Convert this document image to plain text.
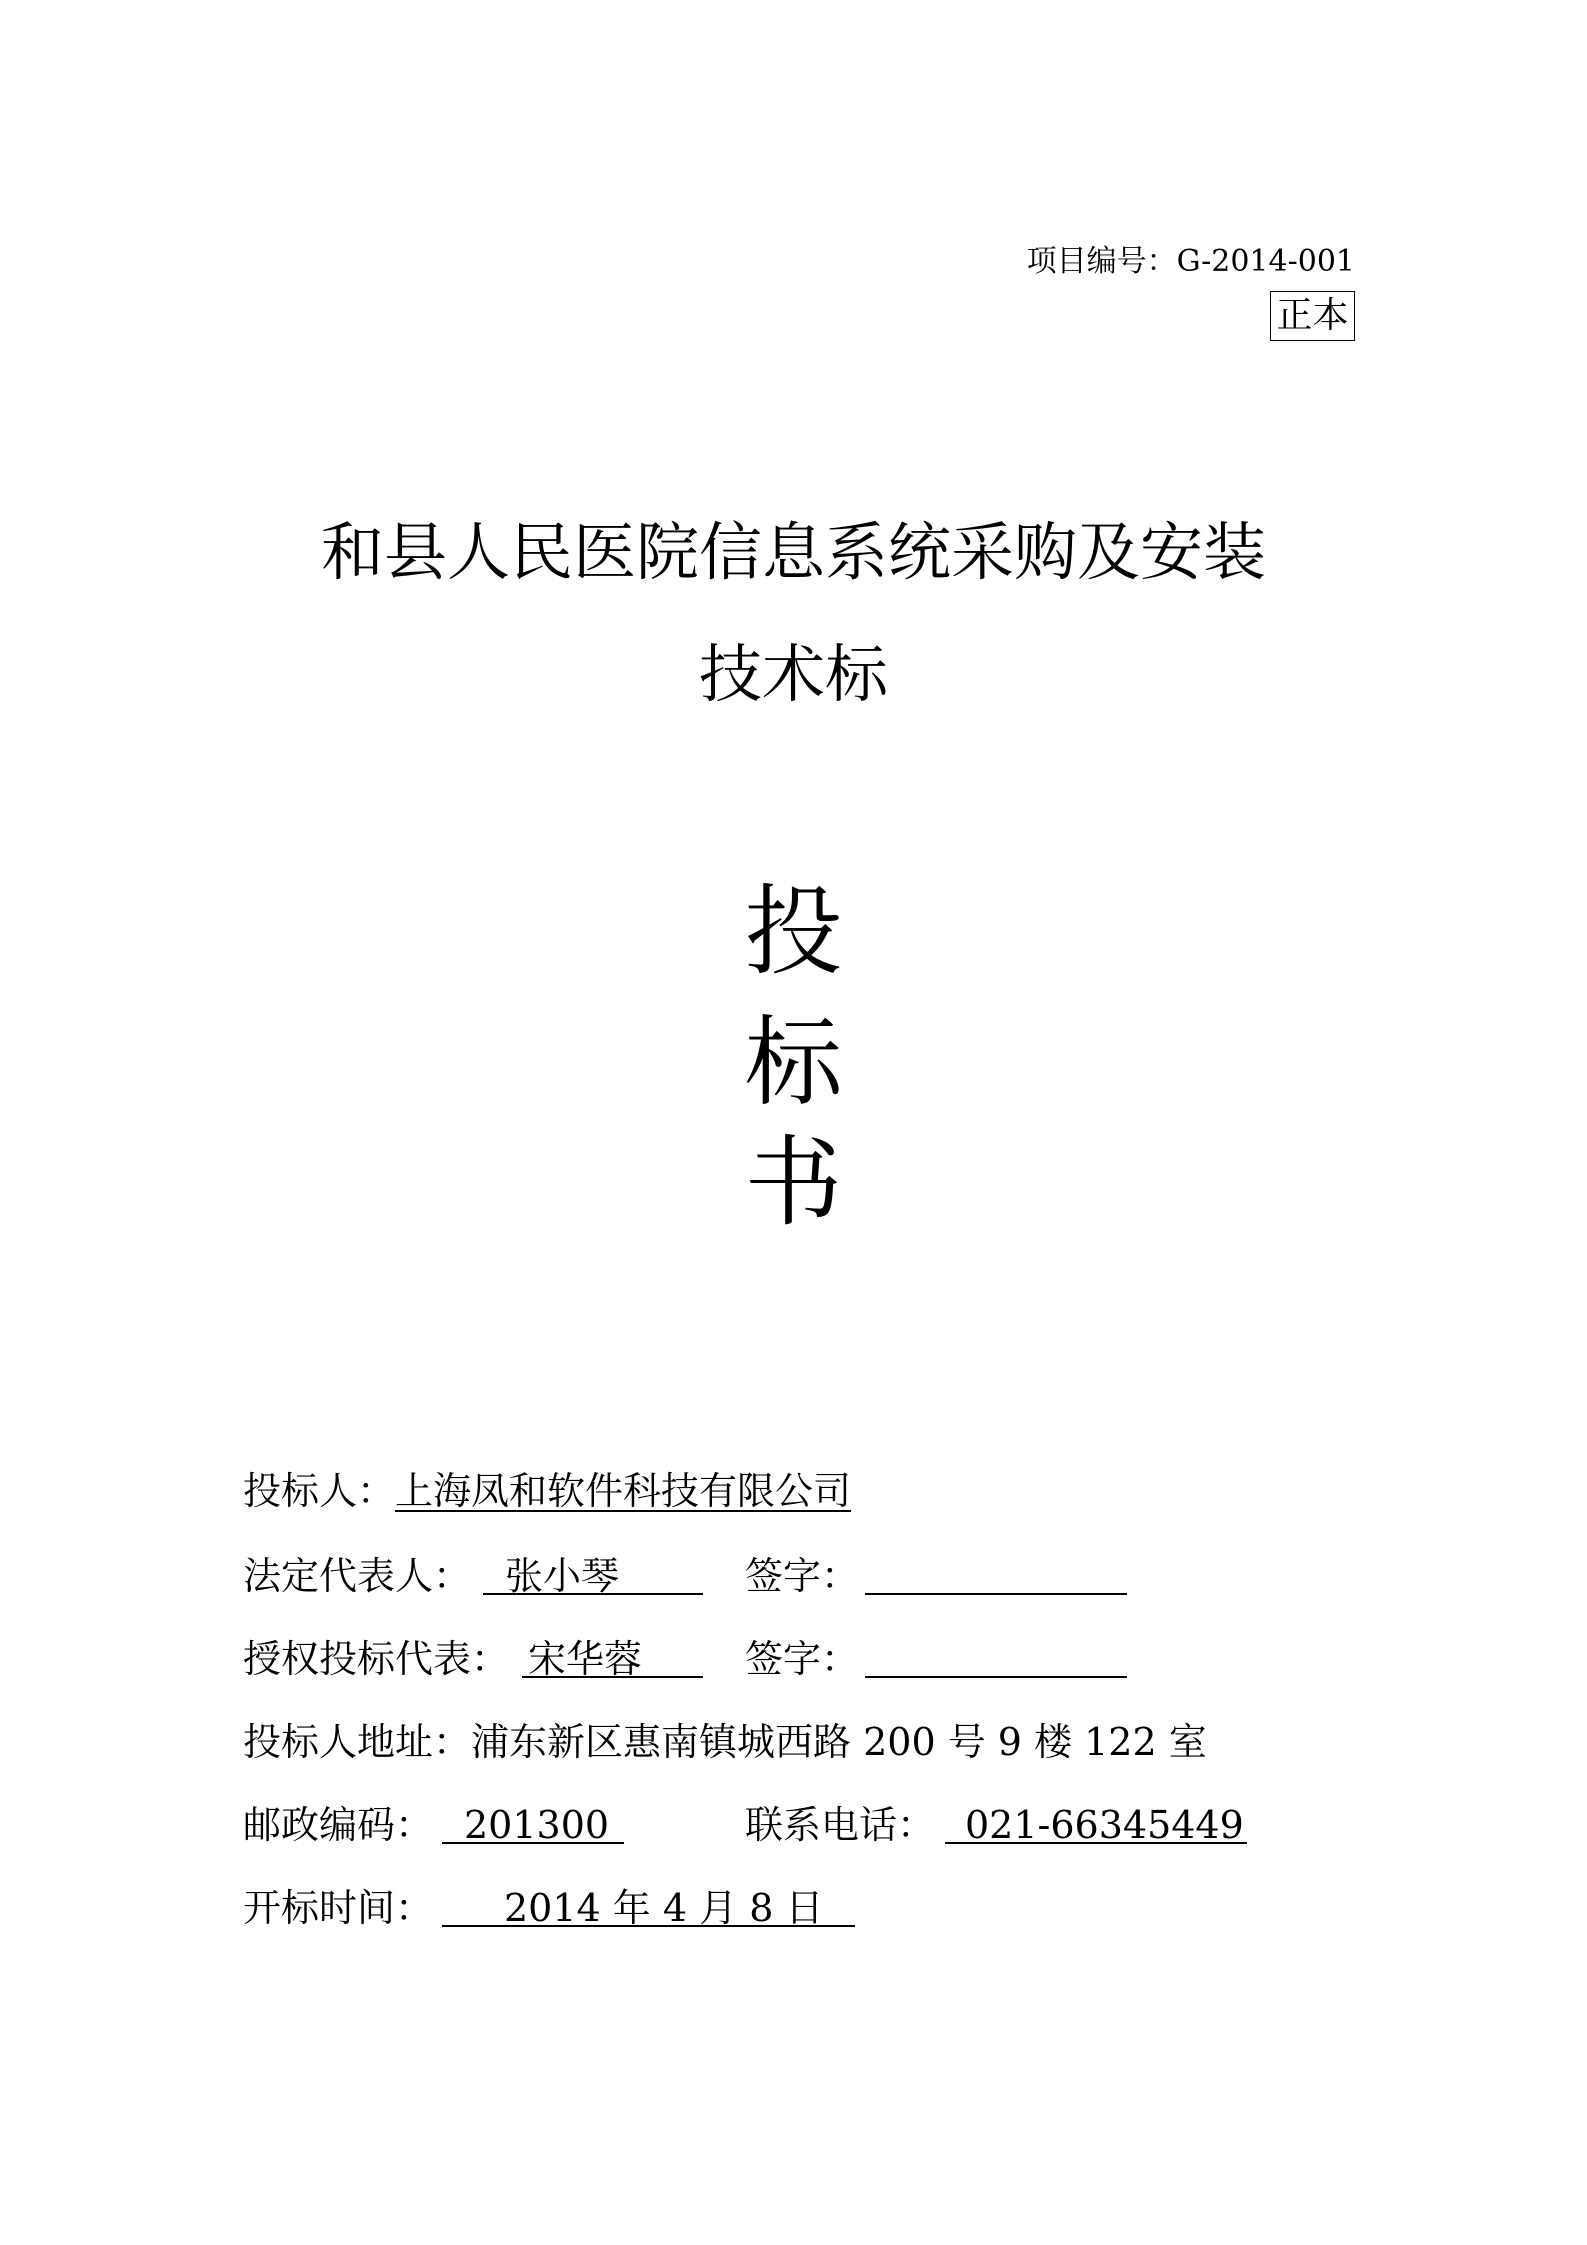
项目编号：G-2014-001
正本
和县人民医院信息系统采购及安装
技术标
投
标
书
投标人：上海凤和软件科技有限公司
法定代表人： 张小琴	签字：
授权投标代表： 宋华蓉	签字：
投标人地址：浦东新区惠南镇城西路 200 号 9 楼 122 室
邮政编码： 201300	联系电话： 021-66345449
开标时间：	2014 年 4 月 8 日
